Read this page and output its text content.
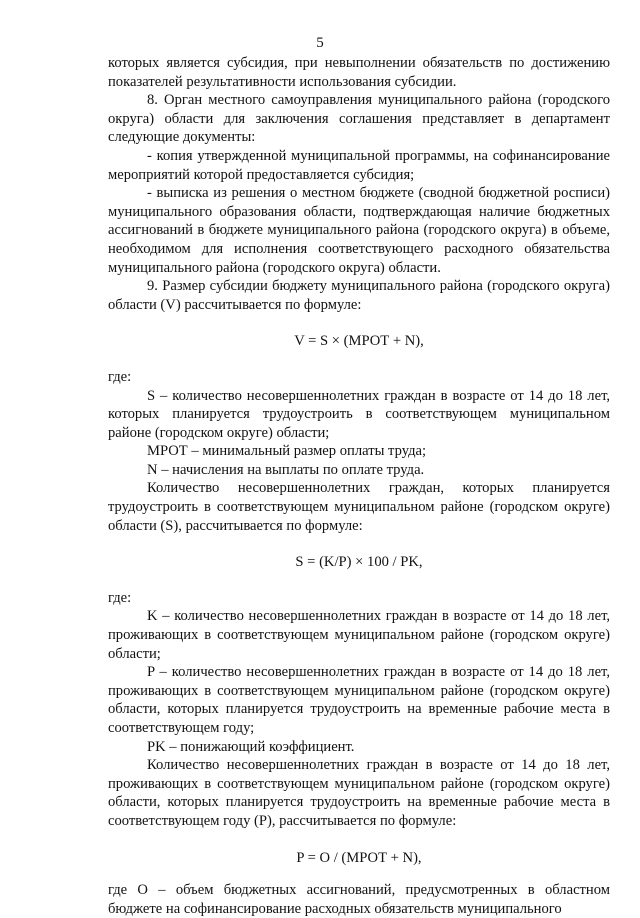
5

которых является субсидия, при невыполнении обязательств по достижению показателей результативности использования субсидии.

8. Орган местного самоуправления муниципального района (городского округа) области для заключения соглашения представляет в департамент следующие документы:

- копия утвержденной муниципальной программы, на софинансирование мероприятий которой предоставляется субсидия;

- выписка из решения о местном бюджете (сводной бюджетной росписи) муниципального образования области, подтверждающая наличие бюджетных ассигнований в бюджете муниципального района (городского округа) в объеме, необходимом для исполнения соответствующего расходного обязательства муниципального района (городского округа) области.

9. Размер субсидии бюджету муниципального района (городского округа) области (V) рассчитывается по формуле:

V = S × (МРОТ + N),

где:

S – количество несовершеннолетних граждан в возрасте от 14 до 18 лет, которых планируется трудоустроить в соответствующем муниципальном районе (городском округе) области;

МРОТ – минимальный размер оплаты труда;

N – начисления на выплаты по оплате труда.

Количество несовершеннолетних граждан, которых планируется трудоустроить в соответствующем муниципальном районе (городском округе) области (S), рассчитывается по формуле:

S = (K/P) × 100 / PK,

где:

K – количество несовершеннолетних граждан в возрасте от 14 до 18 лет, проживающих в соответствующем муниципальном районе (городском округе) области;

P – количество несовершеннолетних граждан в возрасте от 14 до 18 лет, проживающих в соответствующем муниципальном районе (городском округе) области, которых планируется трудоустроить на временные рабочие места в соответствующем году;

PK – понижающий коэффициент.

Количество несовершеннолетних граждан в возрасте от 14 до 18 лет, проживающих в соответствующем муниципальном районе (городском округе) области, которых планируется трудоустроить на временные рабочие места в соответствующем году (P), рассчитывается по формуле:

P = O / (МРОТ + N),

где O – объем бюджетных ассигнований, предусмотренных в областном бюджете на софинансирование расходных обязательств муниципального
